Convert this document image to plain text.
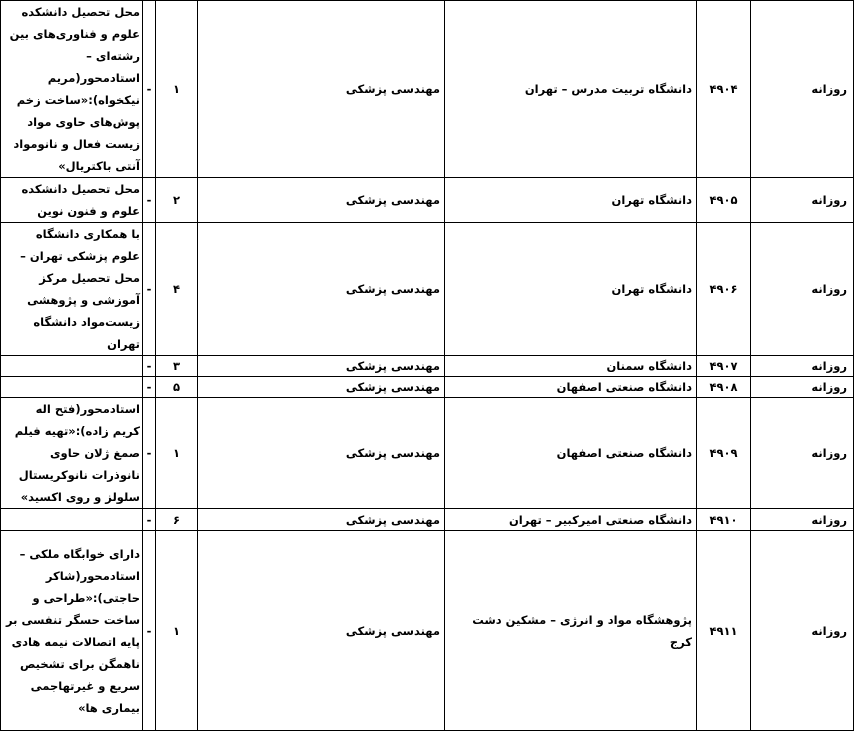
روزانه	۴۹۰۴	دانشگاه تربیت مدرس – تهران	مهندسی پزشکی	۱	-	محل تحصیل دانشکده علوم و فناوری‌های بین رشته‌ای – استادمحور(مریم نیکخواه):«ساخت زخم پوش‌های حاوی مواد زیست فعال و نانومواد آنتی باکتریال»
روزانه	۴۹۰۵	دانشگاه تهران	مهندسی پزشکی	۲	-	محل تحصیل دانشکده علوم و فنون نوین
روزانه	۴۹۰۶	دانشگاه تهران	مهندسی پزشکی	۴	-	با همکاری دانشگاه علوم پزشکی تهران – محل تحصیل مرکز آموزشی و پژوهشی زیست‌مواد دانشگاه تهران
روزانه	۴۹۰۷	دانشگاه سمنان	مهندسی پزشکی	۳	-	
روزانه	۴۹۰۸	دانشگاه صنعتی اصفهان	مهندسی پزشکی	۵	-	
روزانه	۴۹۰۹	دانشگاه صنعتی اصفهان	مهندسی پزشکی	۱	-	استادمحور(فتح اله کریم زاده):«تهیه فیلم صمغ ژلان حاوی نانوذرات نانوکریستال سلولز و روی اکسید»
روزانه	۴۹۱۰	دانشگاه صنعتی امیرکبیر – تهران	مهندسی پزشکی	۶	-	
روزانه	۴۹۱۱	پژوهشگاه مواد و انرژی – مشکین دشت کرج	مهندسی پزشکی	۱	-	دارای خوابگاه ملکی – استادمحور(شاکر حاجتی):«طراحی و ساخت حسگر تنفسی بر پایه اتصالات نیمه هادی ناهمگن برای تشخیص سریع و غیرتهاجمی بیماری ها»
